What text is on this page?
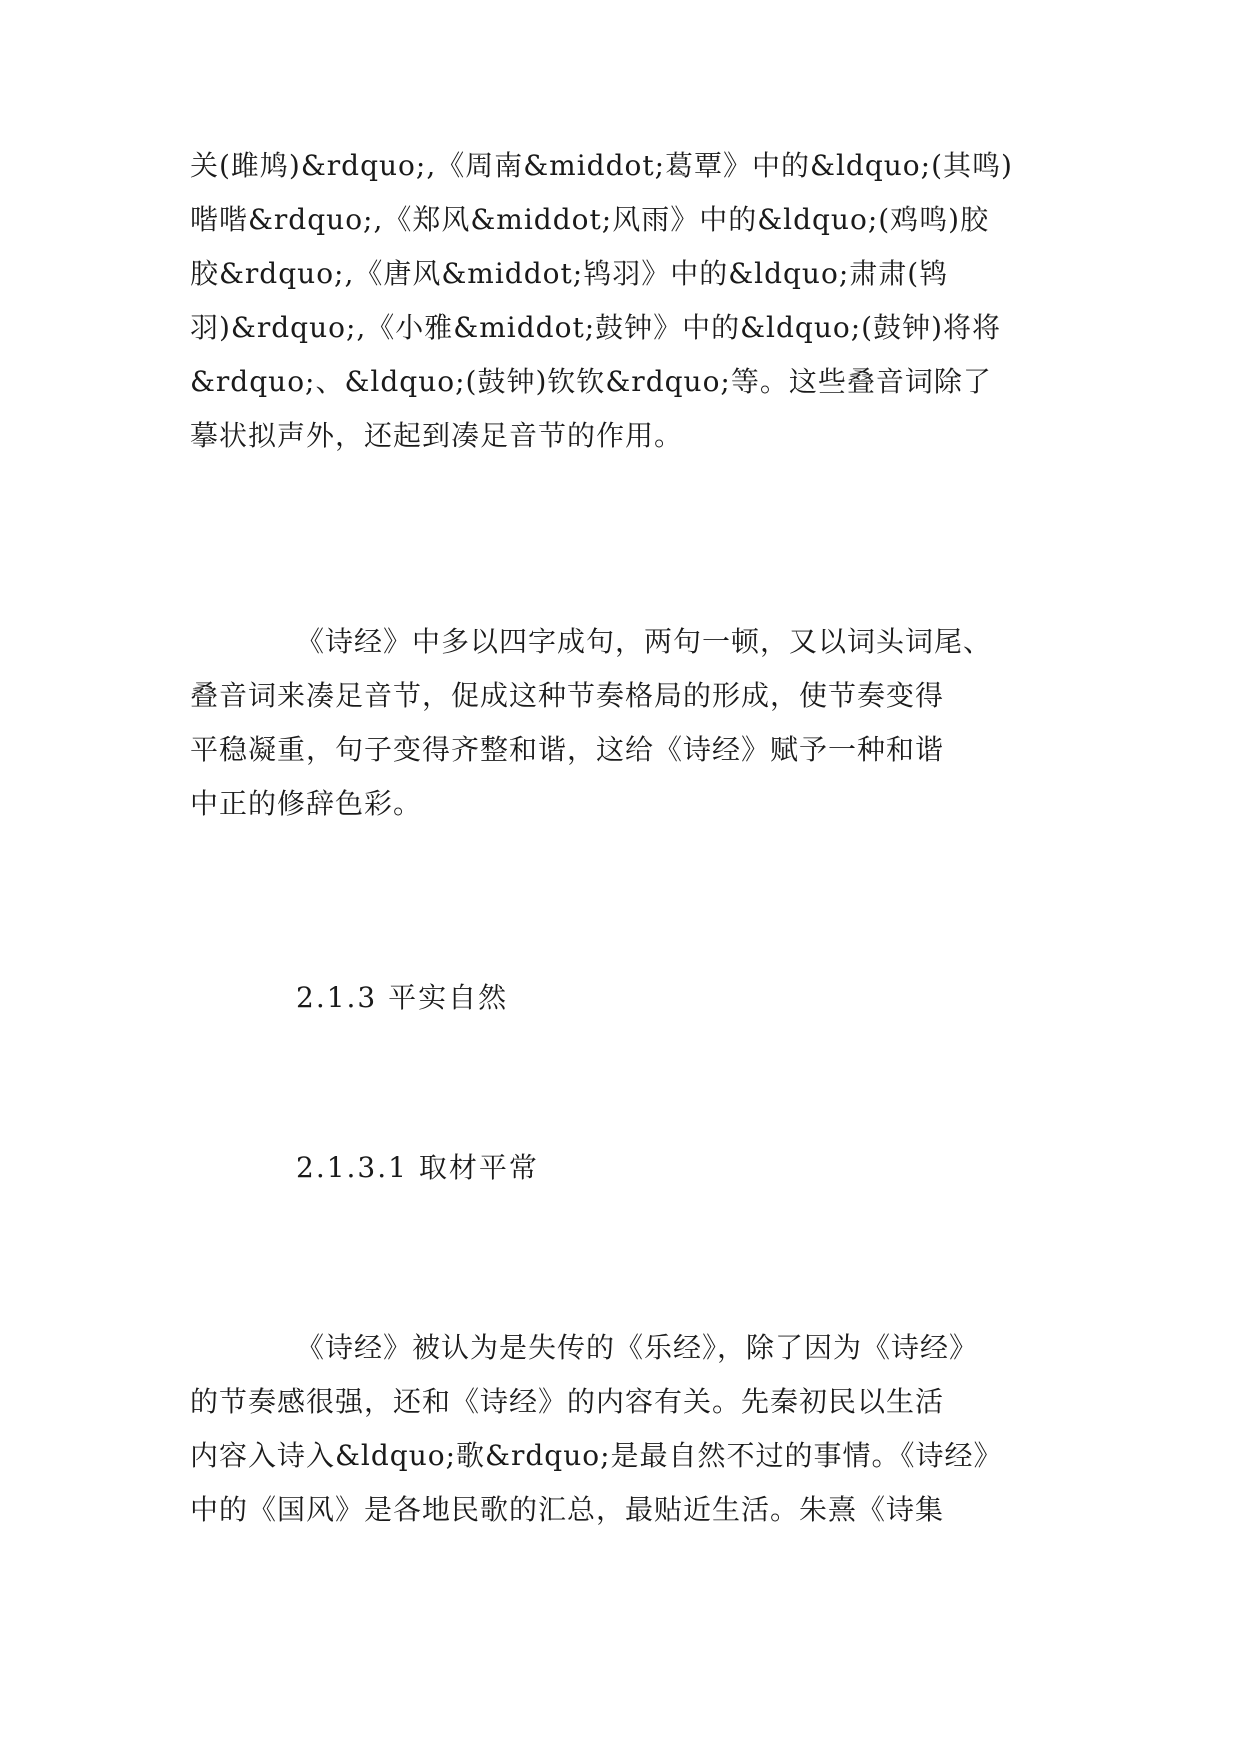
关(雎鸠)&rdquo;,《周南&middot;葛覃》中的&ldquo;(其鸣)

喈喈&rdquo;,《郑风&middot;风雨》中的&ldquo;(鸡鸣)胶

胶&rdquo;,《唐风&middot;鸨羽》中的&ldquo;肃肃(鸨

羽)&rdquo;,《小雅&middot;鼓钟》中的&ldquo;(鼓钟)将将

&rdquo;、&ldquo;(鼓钟)钦钦&rdquo;等。这些叠音词除了

摹状拟声外，还起到凑足音节的作用。

《诗经》中多以四字成句，两句一顿，又以词头词尾、

叠音词来凑足音节，促成这种节奏格局的形成，使节奏变得

平稳凝重，句子变得齐整和谐，这给《诗经》赋予一种和谐

中正的修辞色彩。

2.1.3 平实自然
2.1.3.1 取材平常

《诗经》被认为是失传的《乐经》，除了因为《诗经》

的节奏感很强，还和《诗经》的内容有关。先秦初民以生活

内容入诗入&ldquo;歌&rdquo;是最自然不过的事情。《诗经》

中的《国风》是各地民歌的汇总，最贴近生活。朱熹《诗集
